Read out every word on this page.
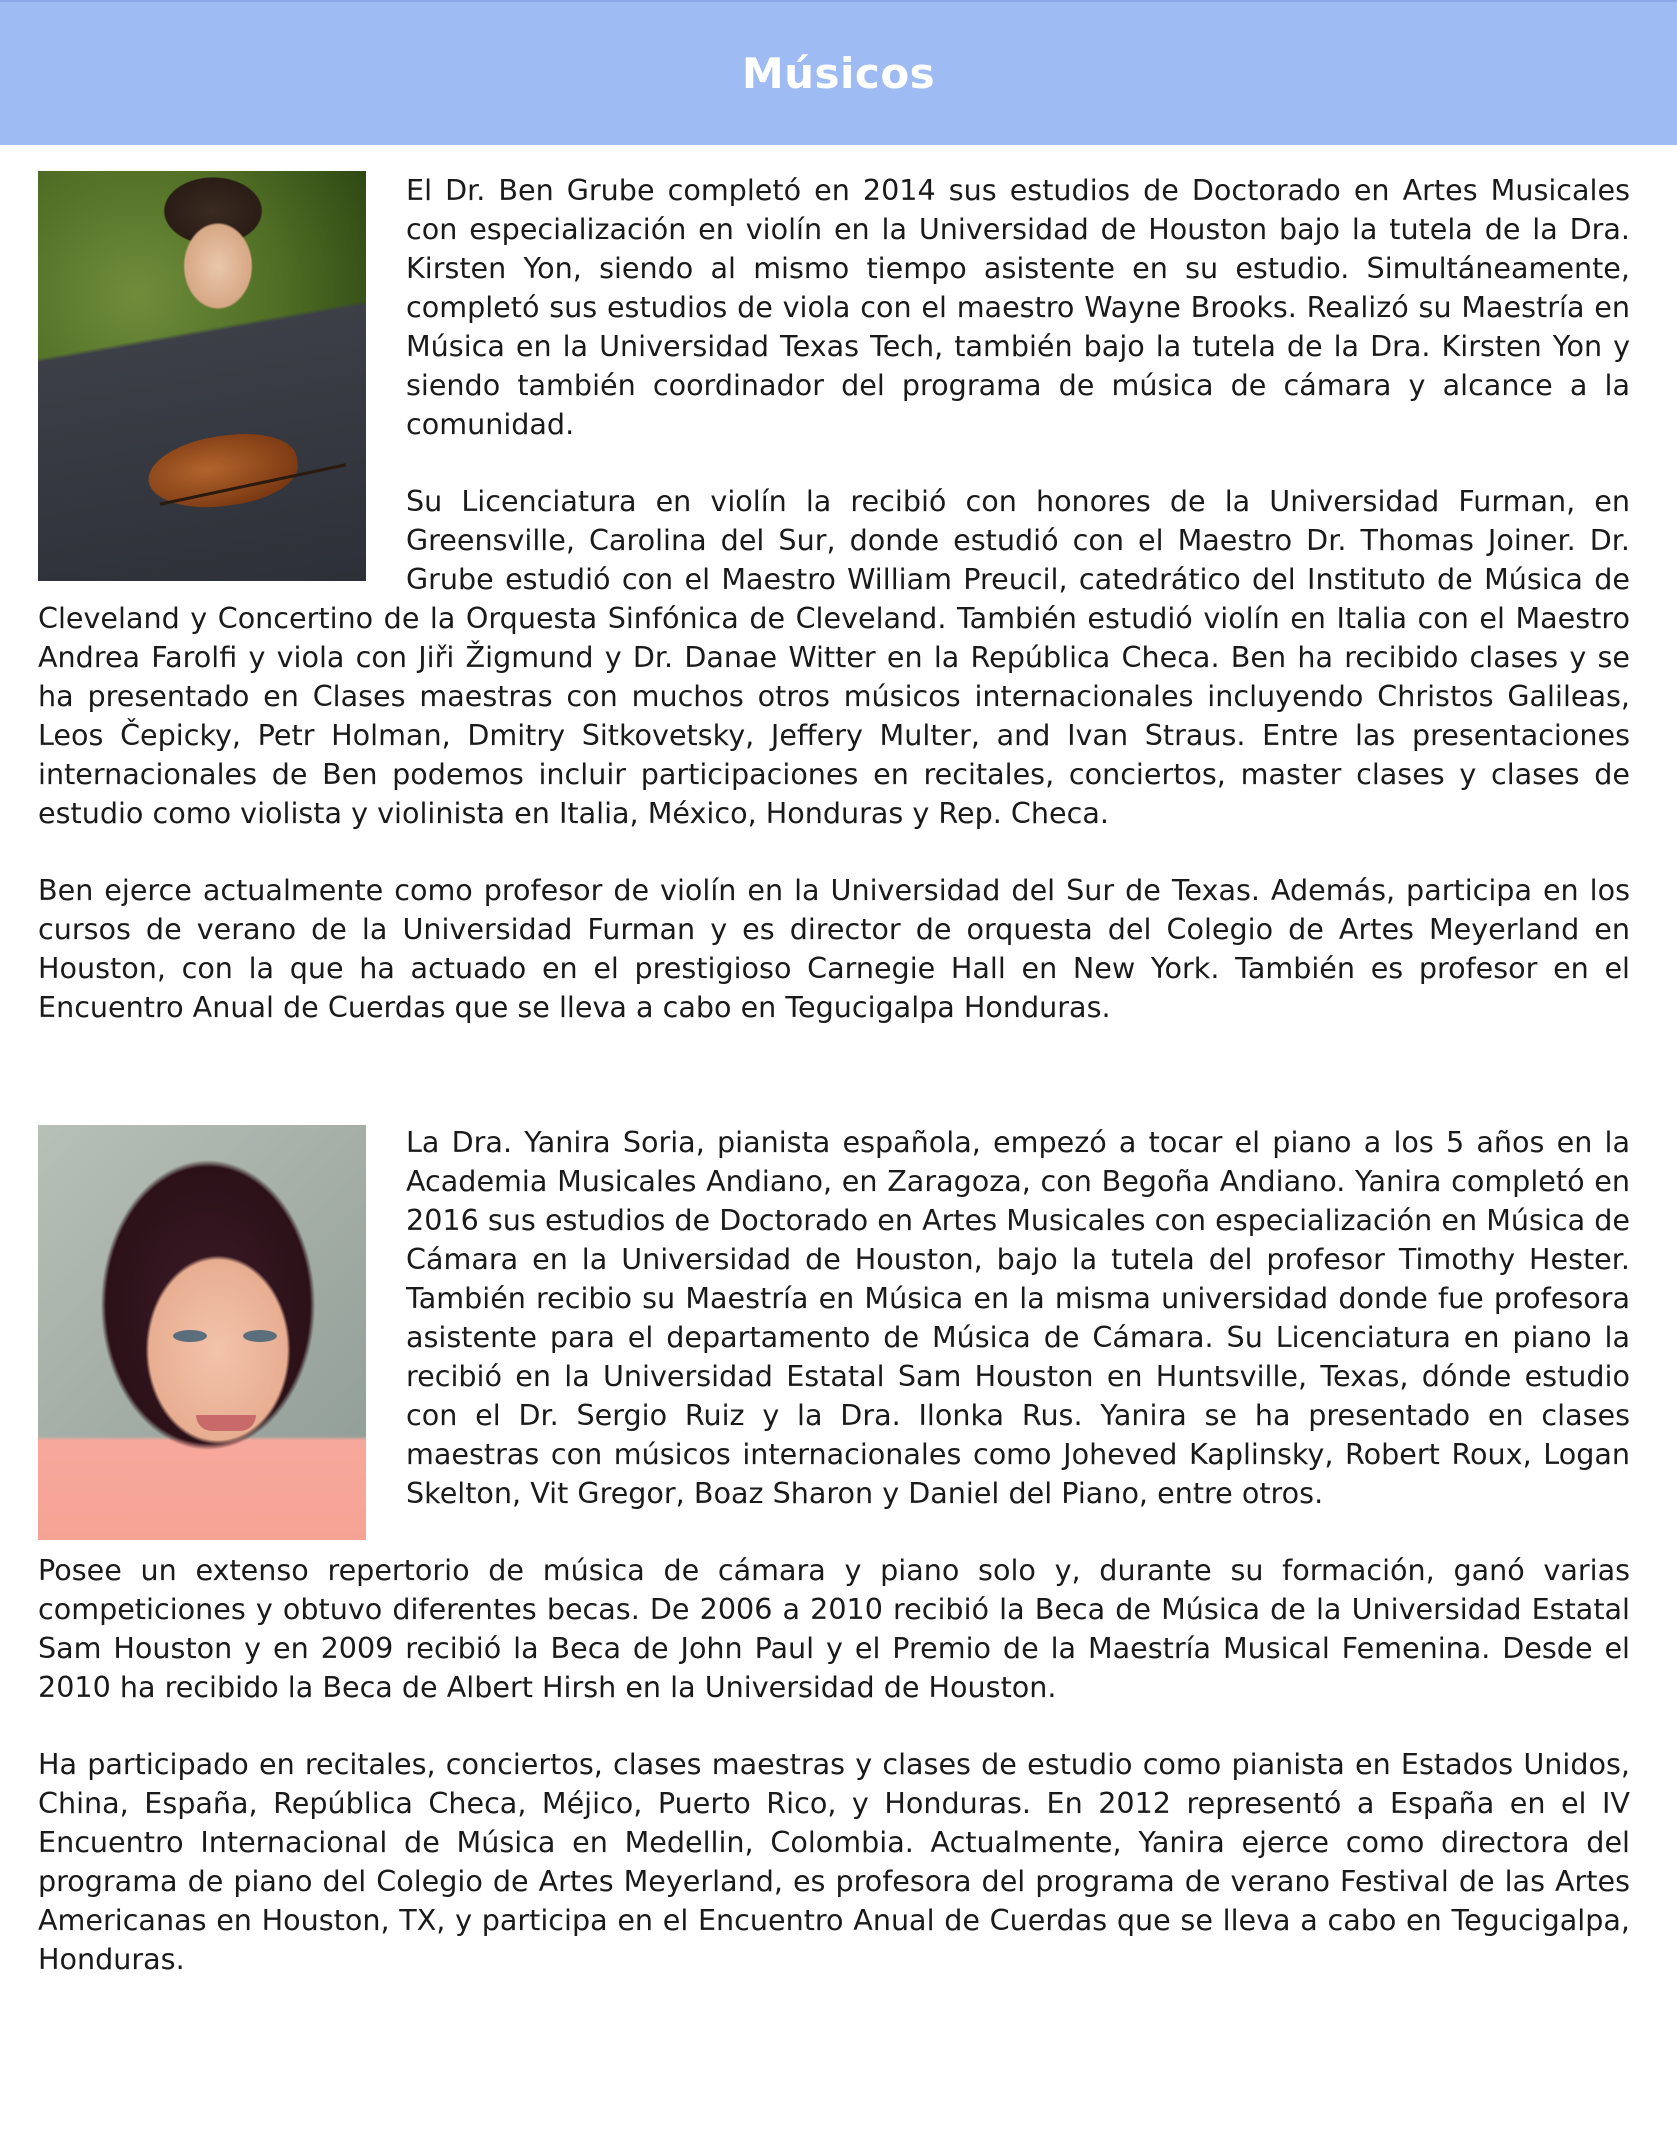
Músicos

El Dr. Ben Grube completó en 2014 sus estudios de Doctorado en Artes Musicales con especialización en violín en la Universidad de Houston bajo la tutela de la Dra. Kirsten Yon, siendo al mismo tiempo asistente en su estudio. Simultáneamente, completó sus estudios de viola con el maestro Wayne Brooks. Realizó su Maestría en Música en la Universidad Texas Tech, también bajo la tutela de la Dra. Kirsten Yon y siendo también coordinador del programa de música de cámara y alcance a la comunidad.

Su Licenciatura en violín la recibió con honores de la Universidad Furman, en Greensville, Carolina del Sur, donde estudió con el Maestro Dr. Thomas Joiner. Dr. Grube estudió con el Maestro William Preucil, catedrático del Instituto de Música de Cleveland y Concertino de la Orquesta Sinfónica de Cleveland. También estudió violín en Italia con el Maestro Andrea Farolfi y viola con Jiři Žigmund y Dr. Danae Witter en la República Checa. Ben ha recibido clases y se ha presentado en Clases maestras con muchos otros músicos internacionales incluyendo Christos Galileas, Leos Čepicky, Petr Holman, Dmitry Sitkovetsky, Jeffery Multer, and Ivan Straus. Entre las presentaciones internacionales de Ben podemos incluir participaciones en recitales, conciertos, master clases y clases de estudio como violista y violinista en Italia, México, Honduras y Rep. Checa.

Ben ejerce actualmente como profesor de violín en la Universidad del Sur de Texas. Además, participa en los cursos de verano de la Universidad Furman y es director de orquesta del Colegio de Artes Meyerland en Houston, con la que ha actuado en el prestigioso Carnegie Hall en New York. También es profesor en el Encuentro Anual de Cuerdas que se lleva a cabo en Tegucigalpa Honduras.

La Dra. Yanira Soria, pianista española, empezó a tocar el piano a los 5 años en la Academia Musicales Andiano, en Zaragoza, con Begoña Andiano. Yanira completó en 2016 sus estudios de Doctorado en Artes Musicales con especialización en Música de Cámara en la Universidad de Houston, bajo la tutela del profesor Timothy Hester. También recibio su Maestría en Música en la misma universidad donde fue profesora asistente para el departamento de Música de Cámara. Su Licenciatura en piano la recibió en la Universidad Estatal Sam Houston en Huntsville, Texas, dónde estudio con el Dr. Sergio Ruiz y la Dra. Ilonka Rus. Yanira se ha presentado en clases maestras con músicos internacionales como Joheved Kaplinsky, Robert Roux, Logan Skelton, Vit Gregor, Boaz Sharon y Daniel del Piano, entre otros.

Posee un extenso repertorio de música de cámara y piano solo y, durante su formación, ganó varias competiciones y obtuvo diferentes becas. De 2006 a 2010 recibió la Beca de Música de la Universidad Estatal Sam Houston y en 2009 recibió la Beca de John Paul y el Premio de la Maestría Musical Femenina. Desde el 2010 ha recibido la Beca de Albert Hirsh en la Universidad de Houston.

Ha participado en recitales, conciertos, clases maestras y clases de estudio como pianista en Estados Unidos, China, España, República Checa, Méjico, Puerto Rico, y Honduras. En 2012 representó a España en el IV Encuentro Internacional de Música en Medellin, Colombia. Actualmente, Yanira ejerce como directora del programa de piano del Colegio de Artes Meyerland, es profesora del programa de verano Festival de las Artes Americanas en Houston, TX, y participa en el Encuentro Anual de Cuerdas que se lleva a cabo en Tegucigalpa, Honduras.
